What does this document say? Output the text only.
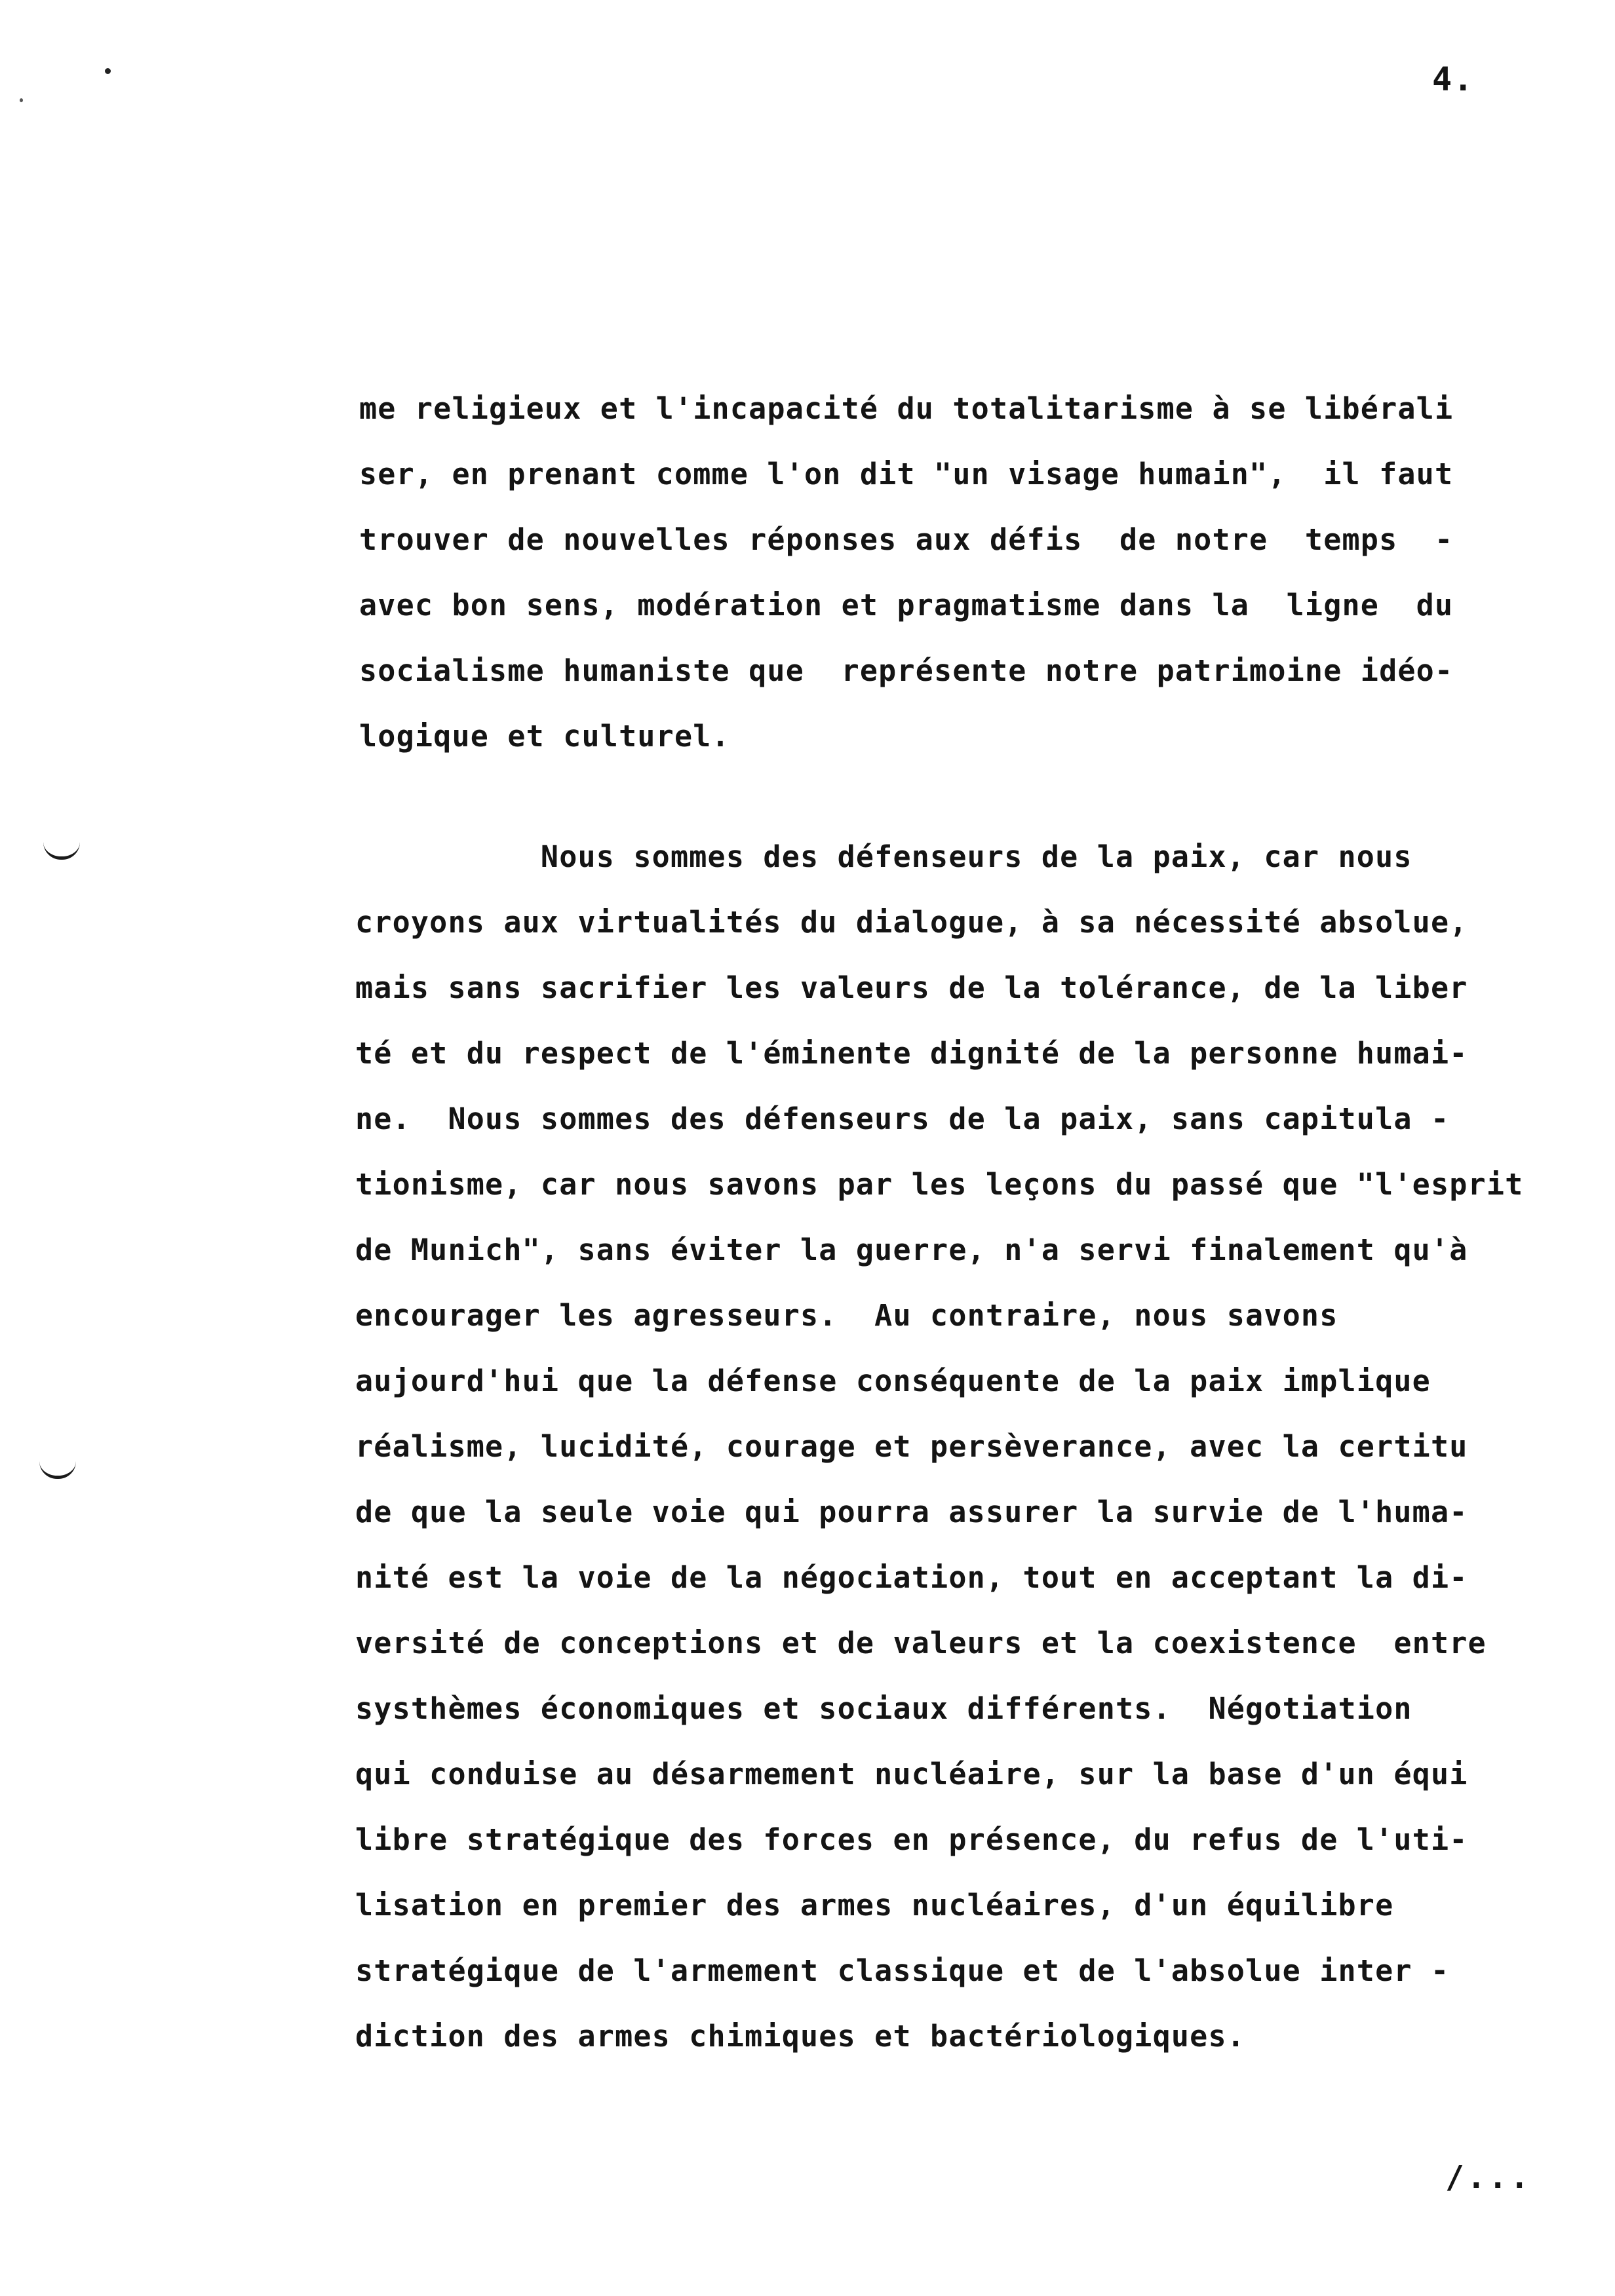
4.
me religieux et l'incapacité du totalitarisme à se libérali
ser, en prenant comme l'on dit "un visage humain",  il faut
trouver de nouvelles réponses aux défis  de notre  temps  -
avec bon sens, modération et pragmatisme dans la  ligne  du
socialisme humaniste que  représente notre patrimoine idéo-
logique et culturel.
Nous sommes des défenseurs de la paix, car nous
croyons aux virtualités du dialogue, à sa nécessité absolue,
mais sans sacrifier les valeurs de la tolérance, de la liber
té et du respect de l'éminente dignité de la personne humai-
ne.  Nous sommes des défenseurs de la paix, sans capitula -
tionisme, car nous savons par les leçons du passé que "l'esprit
de Munich", sans éviter la guerre, n'a servi finalement qu'à
encourager les agresseurs.  Au contraire, nous savons
aujourd'hui que la défense conséquente de la paix implique
réalisme, lucidité, courage et persèverance, avec la certitu
de que la seule voie qui pourra assurer la survie de l'huma-
nité est la voie de la négociation, tout en acceptant la di-
versité de conceptions et de valeurs et la coexistence  entre
systhèmes économiques et sociaux différents.  Négotiation
qui conduise au désarmement nucléaire, sur la base d'un équi
libre stratégique des forces en présence, du refus de l'uti-
lisation en premier des armes nucléaires, d'un équilibre
stratégique de l'armement classique et de l'absolue inter -
diction des armes chimiques et bactériologiques.
/...
